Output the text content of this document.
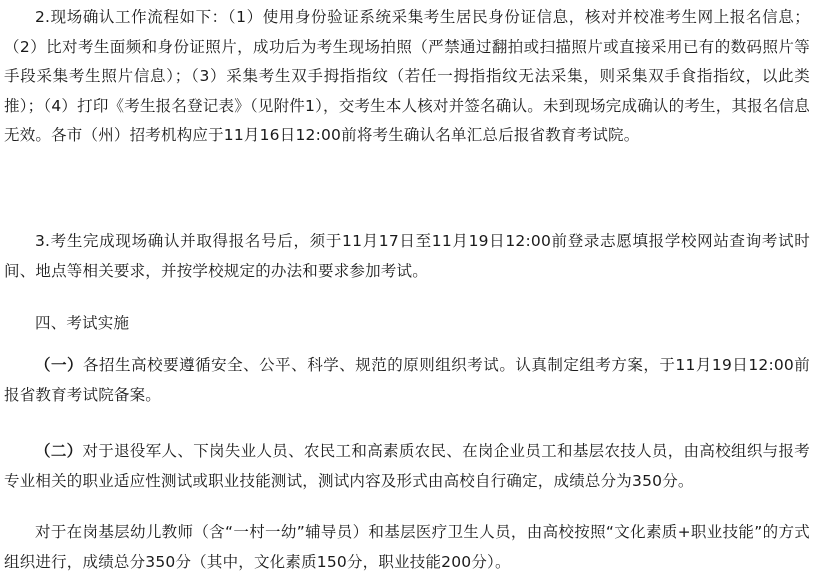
2.现场确认工作流程如下：（1）使用身份验证系统采集考生居民身份证信息，核对并校准考生网上报名信息；（2）比对考生面频和身份证照片，成功后为考生现场拍照（严禁通过翻拍或扫描照片或直接采用已有的数码照片等手段采集考生照片信息）；（3）采集考生双手拇指指纹（若任一拇指指纹无法采集，则采集双手食指指纹，以此类推）；（4）打印《考生报名登记表》（见附件1），交考生本人核对并签名确认。未到现场完成确认的考生，其报名信息无效。各市（州）招考机构应于11月16日12:00前将考生确认名单汇总后报省教育考试院。

3.考生完成现场确认并取得报名号后，须于11月17日至11月19日12:00前登录志愿填报学校网站查询考试时间、地点等相关要求，并按学校规定的办法和要求参加考试。

四、考试实施

（一）各招生高校要遵循安全、公平、科学、规范的原则组织考试。认真制定组考方案，于11月19日12:00前报省教育考试院备案。

（二）对于退役军人、下岗失业人员、农民工和高素质农民、在岗企业员工和基层农技人员，由高校组织与报考专业相关的职业适应性测试或职业技能测试，测试内容及形式由高校自行确定，成绩总分为350分。

对于在岗基层幼儿教师（含“一村一幼”辅导员）和基层医疗卫生人员，由高校按照“文化素质+职业技能”的方式组织进行，成绩总分350分（其中，文化素质150分，职业技能200分）。
